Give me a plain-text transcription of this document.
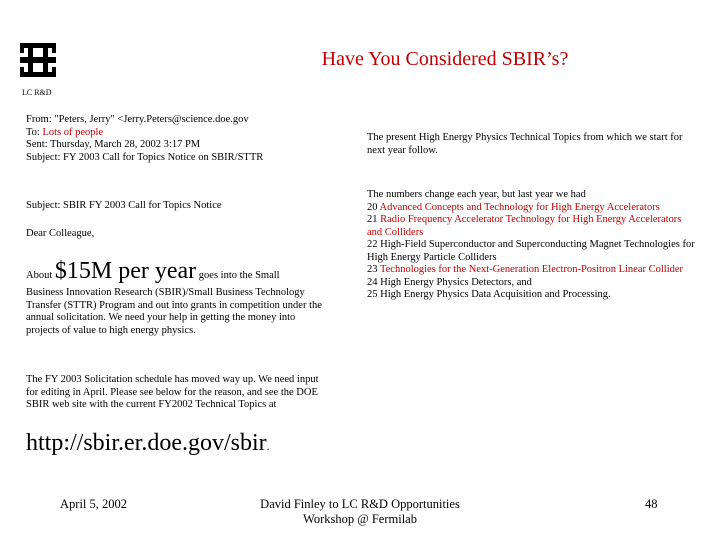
Have You Considered SBIR’s?
LC R&D
From: "Peters, Jerry" <Jerry.Peters@science.doe.gov
To: Lots of people
Sent: Thursday, March 28, 2002 3:17 PM
Subject: FY 2003 Call for Topics Notice on SBIR/STTR
Subject: SBIR FY 2003 Call for Topics Notice
Dear Colleague,
About $15M per year goes into the Small
Business Innovation Research (SBIR)/Small Business Technology Transfer (STTR) Program and out into grants in competition under the annual solicitation. We need your help in getting the money into projects of value to high energy physics.
The FY 2003 Solicitation schedule has moved way up. We need input for editing in April. Please see below for the reason, and see the DOE SBIR web site with the current FY2002 Technical Topics at
http://sbir.er.doe.gov/sbir.
The present High Energy Physics Technical Topics from which we start for next year follow.
The numbers change each year, but last year we had
20 Advanced Concepts and Technology for High Energy Accelerators
21 Radio Frequency Accelerator Technology for High Energy Accelerators and Colliders
22 High-Field Superconductor and Superconducting Magnet Technologies for High Energy Particle Colliders
23 Technologies for the Next-Generation Electron-Positron Linear Collider
24 High Energy Physics Detectors, and
25 High Energy Physics Data Acquisition and Processing.
April 5, 2002	David Finley to LC R&D Opportunities
Workshop @ Fermilab
48
